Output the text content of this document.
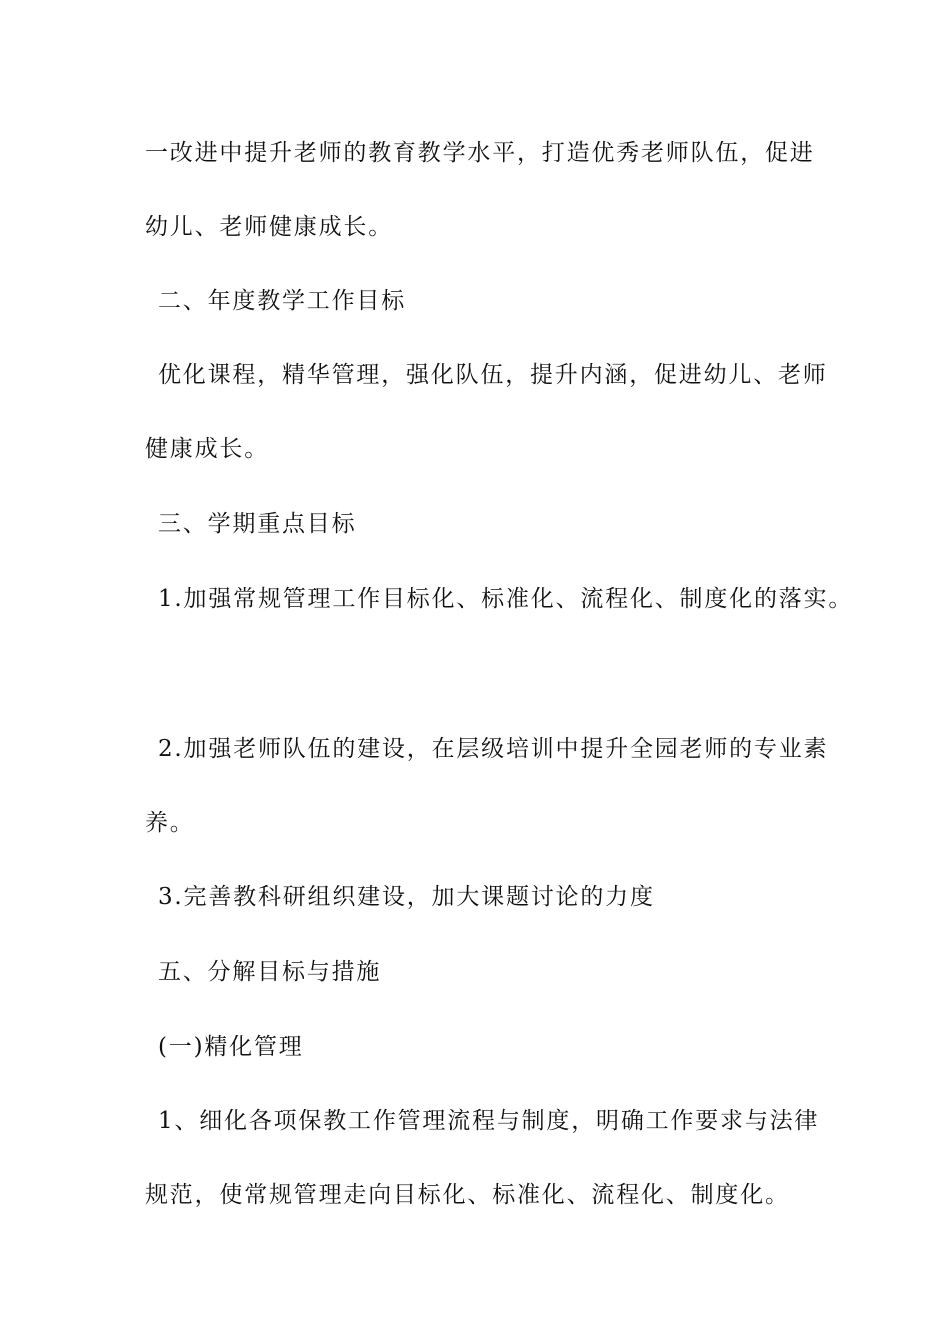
一改进中提升老师的教育教学水平，打造优秀老师队伍，促进
幼儿、老师健康成长。
二、年度教学工作目标
优化课程，精华管理，强化队伍，提升内涵，促进幼儿、老师
健康成长。
三、学期重点目标
1.加强常规管理工作目标化、标准化、流程化、制度化的落实。
2.加强老师队伍的建设，在层级培训中提升全园老师的专业素
养。
3.完善教科研组织建设，加大课题讨论的力度
五、分解目标与措施
(一)精化管理
1、细化各项保教工作管理流程与制度，明确工作要求与法律
规范，使常规管理走向目标化、标准化、流程化、制度化。
